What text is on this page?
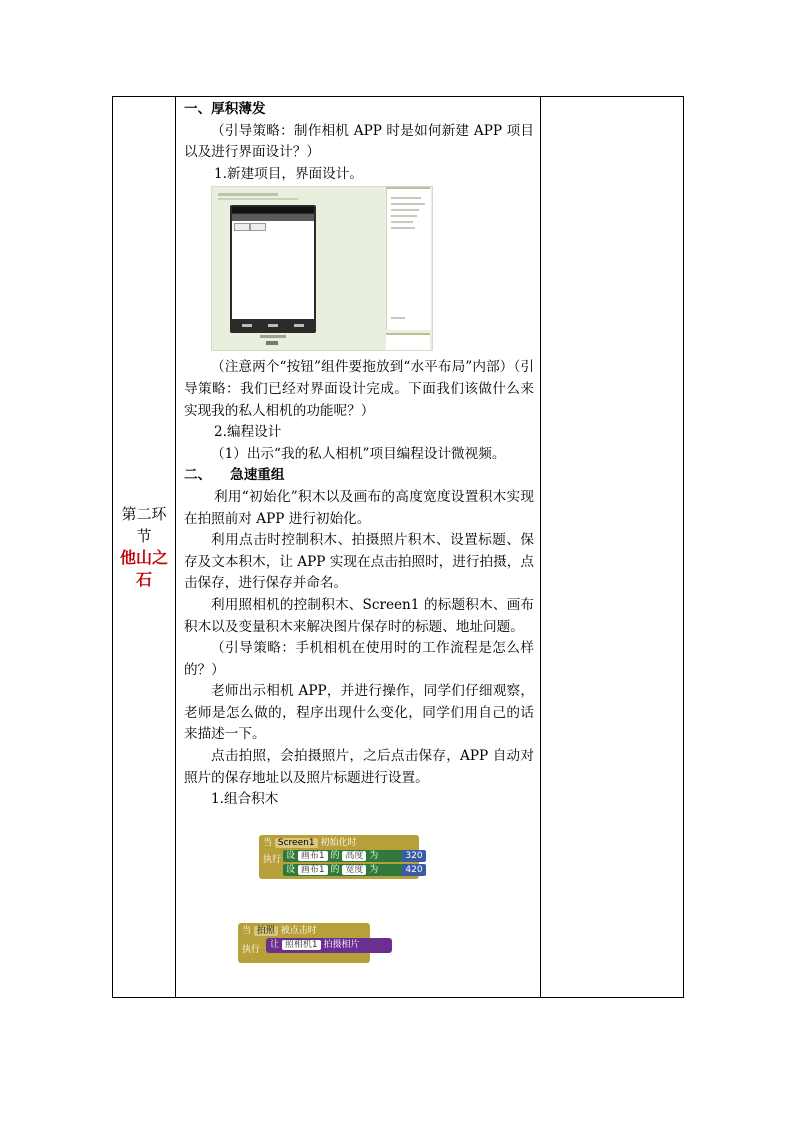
第二环节
他山之石

一、厚积薄发

（引导策略：制作相机 APP 时是如何新建 APP 项目以及进行界面设计？）

1.新建项目，界面设计。

（注意两个“按钮”组件要拖放到“水平布局”内部）（引导策略：我们已经对界面设计完成。下面我们该做什么来实现我的私人相机的功能呢？）

2.编程设计

（1）出示“我的私人相机”项目编程设计微视频。

二、    急速重组

利用“初始化”积木以及画布的高度宽度设置积木实现在拍照前对 APP 进行初始化。

利用点击时控制积木、拍摄照片积木、设置标题、保存及文本积木，让 APP 实现在点击拍照时，进行拍摄，点击保存，进行保存并命名。

利用照相机的控制积木、Screen1 的标题积木、画布积木以及变量积木来解决图片保存时的标题、地址问题。

（引导策略：手机相机在使用时的工作流程是怎么样的？）

老师出示相机 APP，并进行操作，同学们仔细观察，老师是怎么做的，程序出现什么变化，同学们用自己的话来描述一下。

点击拍照，会拍摄照片，之后点击保存，APP 自动对照片的保存地址以及照片标题进行设置。

1.组合积木

当 Screen1 初始化时
执行 设 画布1 的 高度 为	320
设 画布1 的 宽度 为	420
当 拍照 被点击时
执行	让 照相机1 拍摄相片
